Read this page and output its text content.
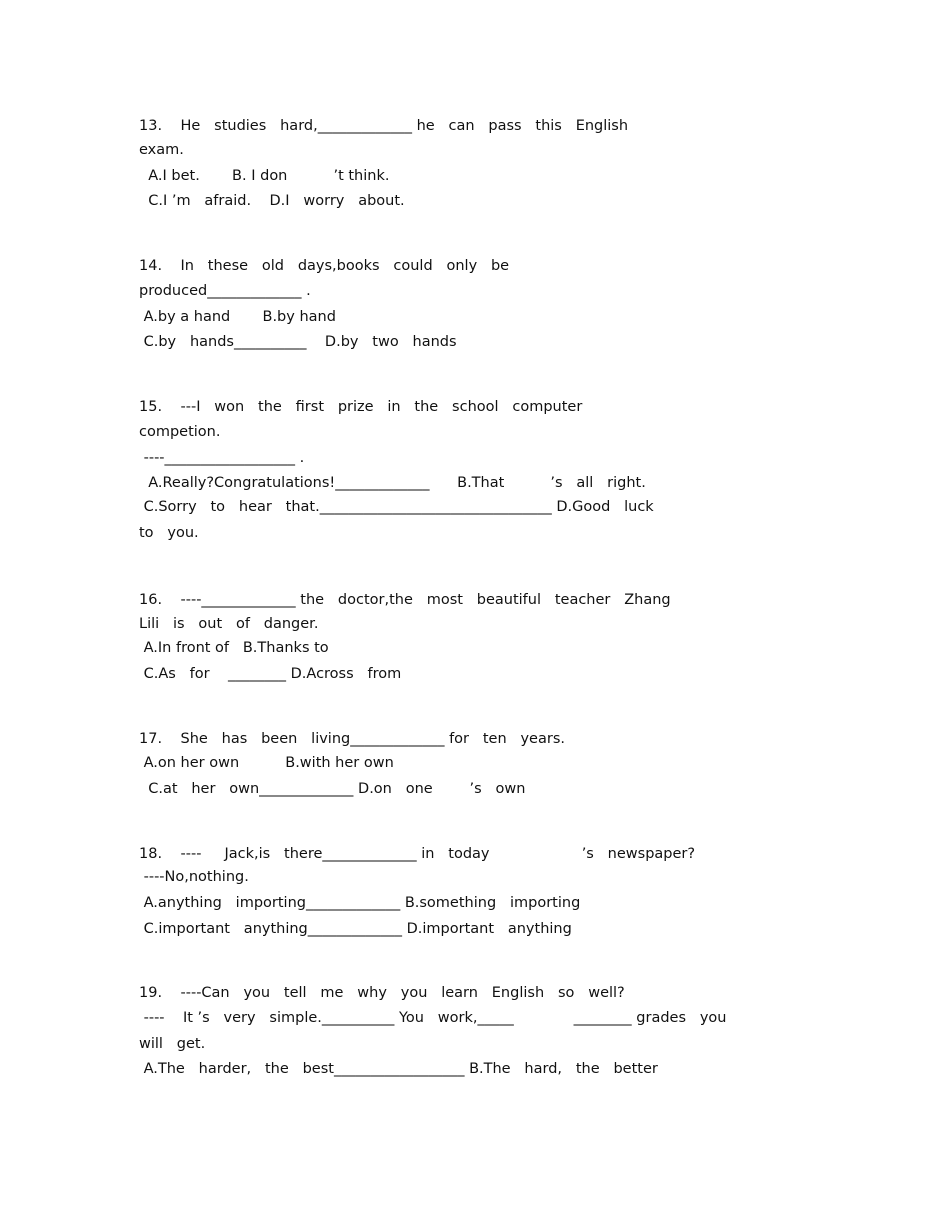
13.    He   studies   hard,_____________ he   can   pass   this   English

exam.

A.I bet.       B. I don          ’t think.

C.I ’m   afraid.    D.I   worry   about.

14.    In   these   old   days,books   could   only   be

produced_____________ .

A.by a hand       B.by hand

C.by   hands__________    D.by   two   hands

15.    ---I   won   the   first   prize   in   the   school   computer

competion.

----__________________ .

A.Really?Congratulations!_____________      B.That          ’s   all   right.

C.Sorry   to   hear   that.________________________________ D.Good   luck

to   you.

16.    ----_____________ the   doctor,the   most   beautiful   teacher   Zhang

Lili   is   out   of   danger.

A.In front of   B.Thanks to

C.As   for    ________ D.Across   from

17.    She   has   been   living_____________ for   ten   years.

A.on her own          B.with her own

C.at   her   own_____________ D.on   one        ’s   own

18.    ----     Jack,is   there_____________ in   today                    ’s   newspaper?

----No,nothing.

A.anything   importing_____________ B.something   importing

C.important   anything_____________ D.important   anything

19.    ----Can   you   tell   me   why   you   learn   English   so   well?

----    It ’s   very   simple.__________ You   work,_____             ________ grades   you

will   get.

A.The   harder,   the   best__________________ B.The   hard,   the   better
